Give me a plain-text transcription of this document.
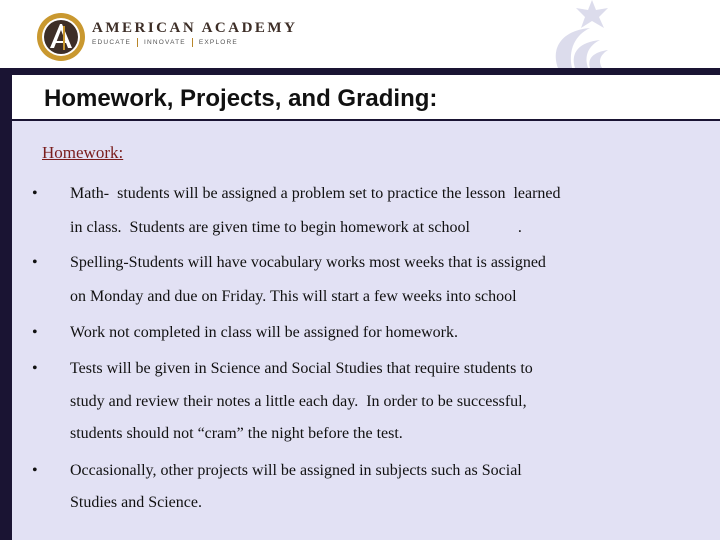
AMERICAN ACADEMY
EDUCATE INNOVATE EXPLORE
Homework, Projects, and Grading:
Homework:
• Math-  students will be assigned a problem set to practice the lesson  learned

in class.  Students are given time to begin homework at school            .

• Spelling-Students will have vocabulary works most weeks that is assigned

on Monday and due on Friday. This will start a few weeks into school

• Work not completed in class will be assigned for homework.

• Tests will be given in Science and Social Studies that require students to

study and review their notes a little each day.  In order to be successful,

students should not “cram” the night before the test.

• Occasionally, other projects will be assigned in subjects such as Social

Studies and Science.
